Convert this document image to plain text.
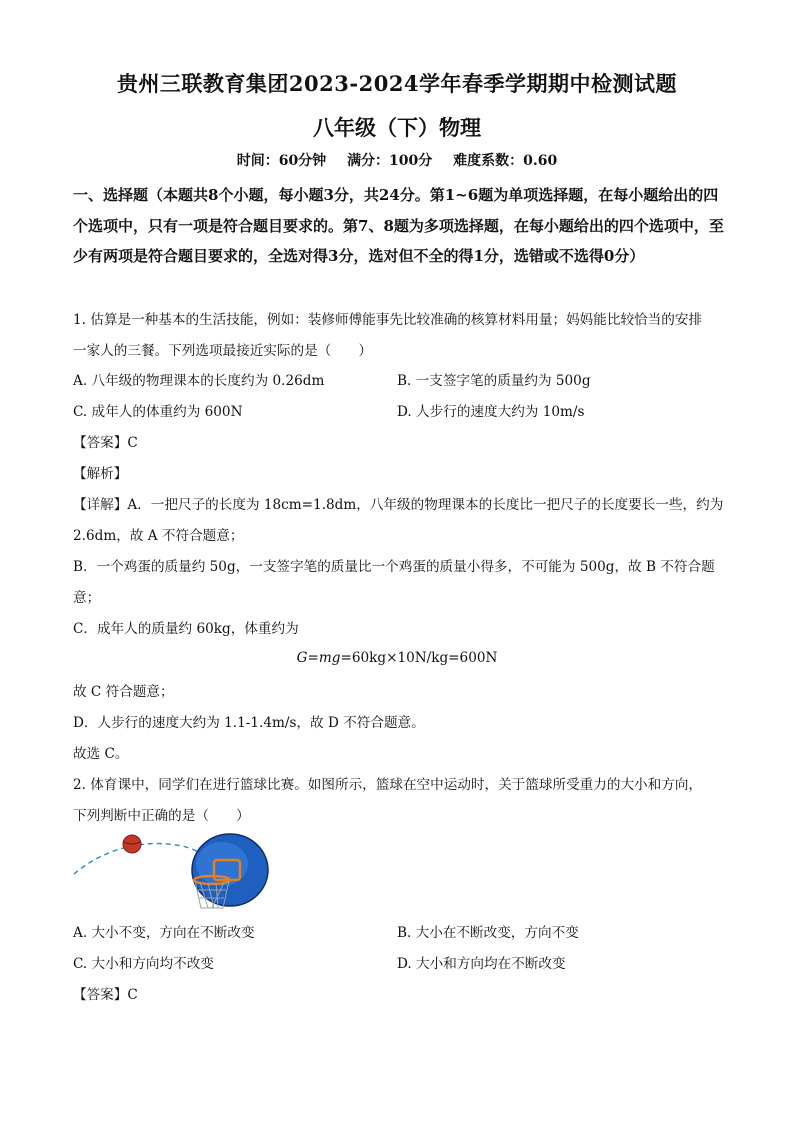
贵州三联教育集团2023-2024学年春季学期期中检测试题
八年级（下）物理
时间：60分钟 满分：100分 难度系数：0.60
一、选择题（本题共8个小题，每小题3分，共24分。第1~6题为单项选择题，在每小题给出的四个选项中，只有一项是符合题目要求的。第7、8题为多项选择题，在每小题给出的四个选项中，至少有两项是符合题目要求的，全选对得3分，选对但不全的得1分，选错或不选得0分）
1. 估算是一种基本的生活技能，例如：装修师傅能事先比较准确的核算材料用量；妈妈能比较恰当的安排
一家人的三餐。下列选项最接近实际的是（　　）
A. 八年级的物理课本的长度约为 0.26dm	B. 一支签字笔的质量约为 500g
C. 成年人的体重约为 600N	D. 人步行的速度大约为 10m/s
【答案】C
【解析】
【详解】A．一把尺子的长度为 18cm=1.8dm，八年级的物理课本的长度比一把尺子的长度要长一些，约为
2.6dm，故 A 不符合题意；
B．一个鸡蛋的质量约 50g，一支签字笔的质量比一个鸡蛋的质量小得多，不可能为 500g，故 B 不符合题
意；
C．成年人的质量约 60kg，体重约为
G=mg=60kg×10N/kg=600N
故 C 符合题意；
D．人步行的速度大约为 1.1-1.4m/s，故 D 不符合题意。
故选 C。
2. 体育课中，同学们在进行篮球比赛。如图所示，篮球在空中运动时，关于篮球所受重力的大小和方向，
下列判断中正确的是（　　）
A. 大小不变，方向在不断改变	B. 大小在不断改变，方向不变
C. 大小和方向均不改变	D. 大小和方向均在不断改变
【答案】C
